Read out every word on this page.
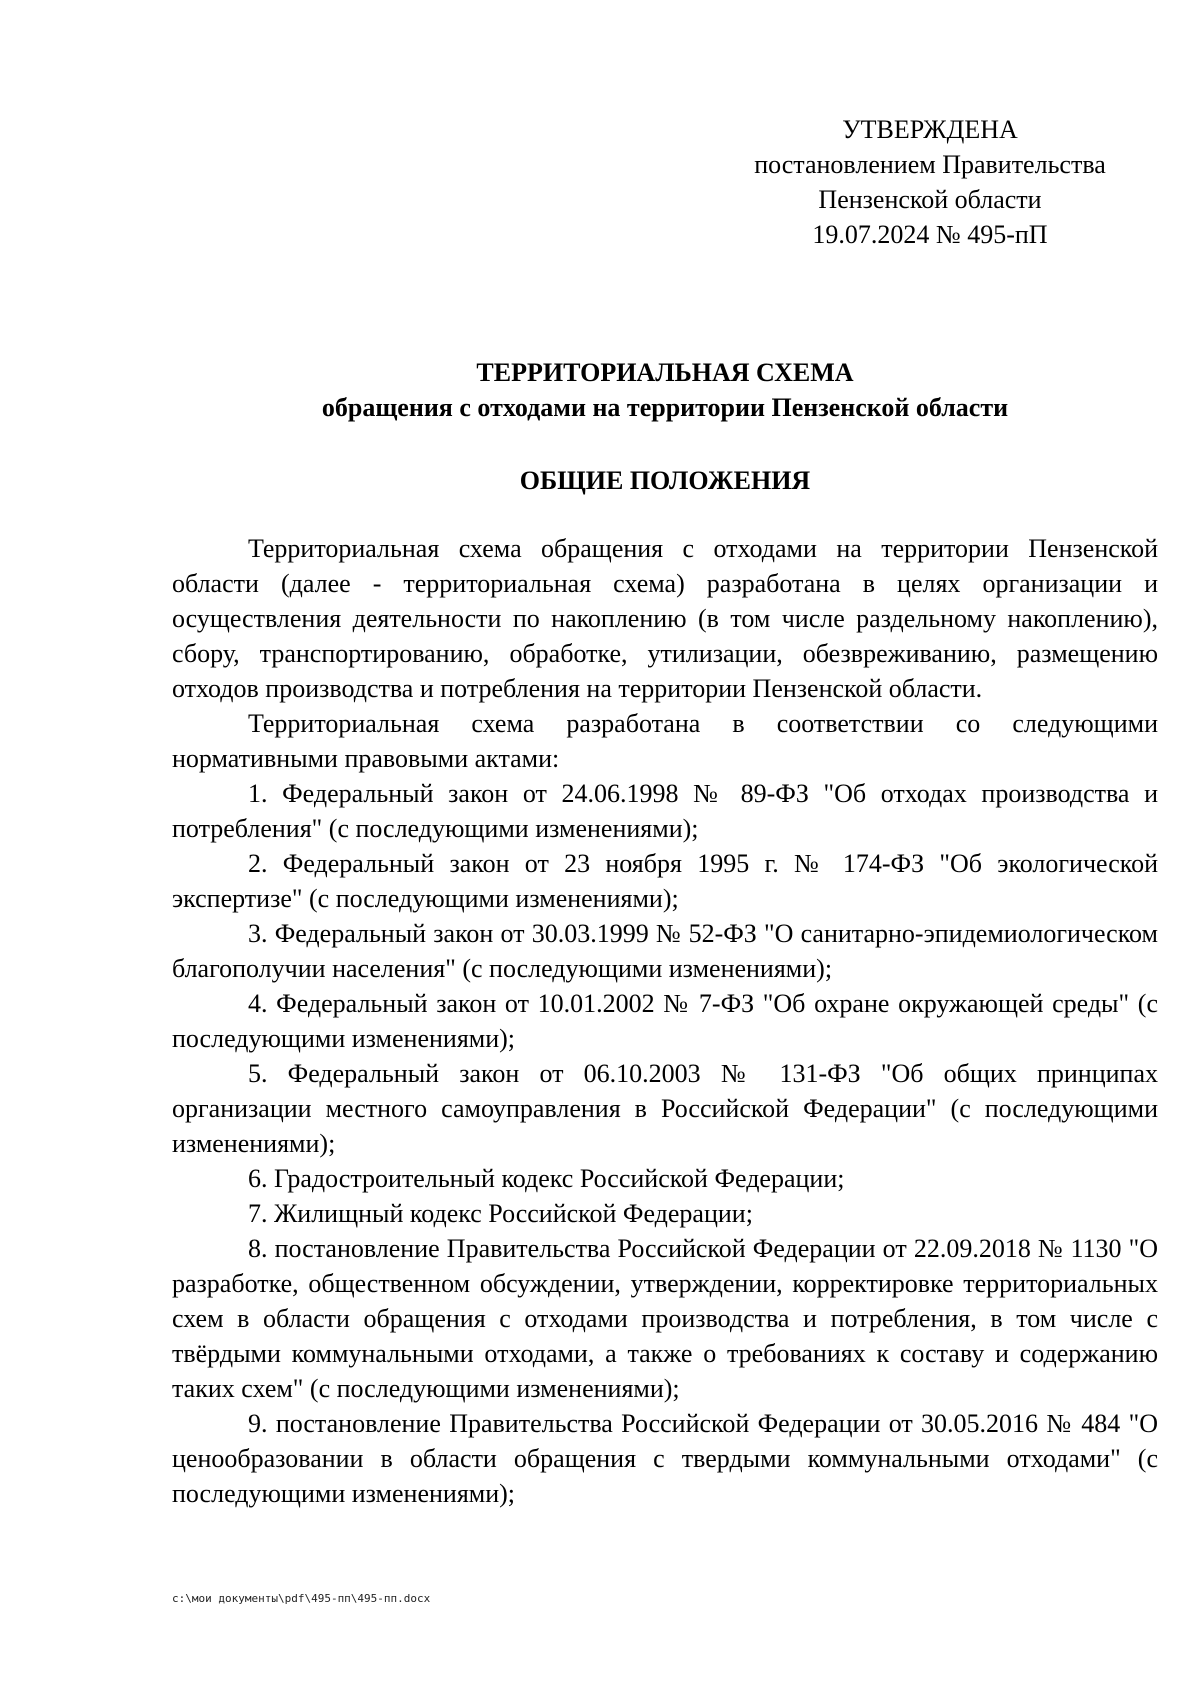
УТВЕРЖДЕНА
постановлением Правительства
Пензенской области
19.07.2024 № 495-пП
ТЕРРИТОРИАЛЬНАЯ СХЕМА
обращения с отходами на территории Пензенской области
ОБЩИЕ ПОЛОЖЕНИЯ

Территориальная схема обращения с отходами на территории Пензенской области (далее - территориальная схема) разработана в целях организации и осуществления деятельности по накоплению (в том числе раздельному накоплению), сбору, транспортированию, обработке, утилизации, обезвреживанию, размещению отходов производства и потребления на территории Пензенской области.

Территориальная схема разработана в соответствии со следующими нормативными правовыми актами:

1. Федеральный закон от 24.06.1998 № 89-ФЗ "Об отходах производства и потребления" (с последующими изменениями);

2. Федеральный закон от 23 ноября 1995 г. № 174-ФЗ "Об экологической экспертизе" (с последующими изменениями);

3. Федеральный закон от 30.03.1999 № 52-ФЗ "О санитарно-эпидемиологическом благополучии населения" (с последующими изменениями);

4. Федеральный закон от 10.01.2002 № 7-ФЗ "Об охране окружающей среды" (с последующими изменениями);

5. Федеральный закон от 06.10.2003 № 131-ФЗ "Об общих принципах организации местного самоуправления в Российской Федерации" (с последующими изменениями);

6. Градостроительный кодекс Российской Федерации;

7. Жилищный кодекс Российской Федерации;

8. постановление Правительства Российской Федерации от 22.09.2018 № 1130 "О разработке, общественном обсуждении, утверждении, корректировке территориальных схем в области обращения с отходами производства и потребления, в том числе с твёрдыми коммунальными отходами, а также о требованиях к составу и содержанию таких схем" (с последующими изменениями);

9. постановление Правительства Российской Федерации от 30.05.2016 № 484 "О ценообразовании в области обращения с твердыми коммунальными отходами" (с последующими изменениями);

c:\мои документы\pdf\495-пп\495-пп.docx
